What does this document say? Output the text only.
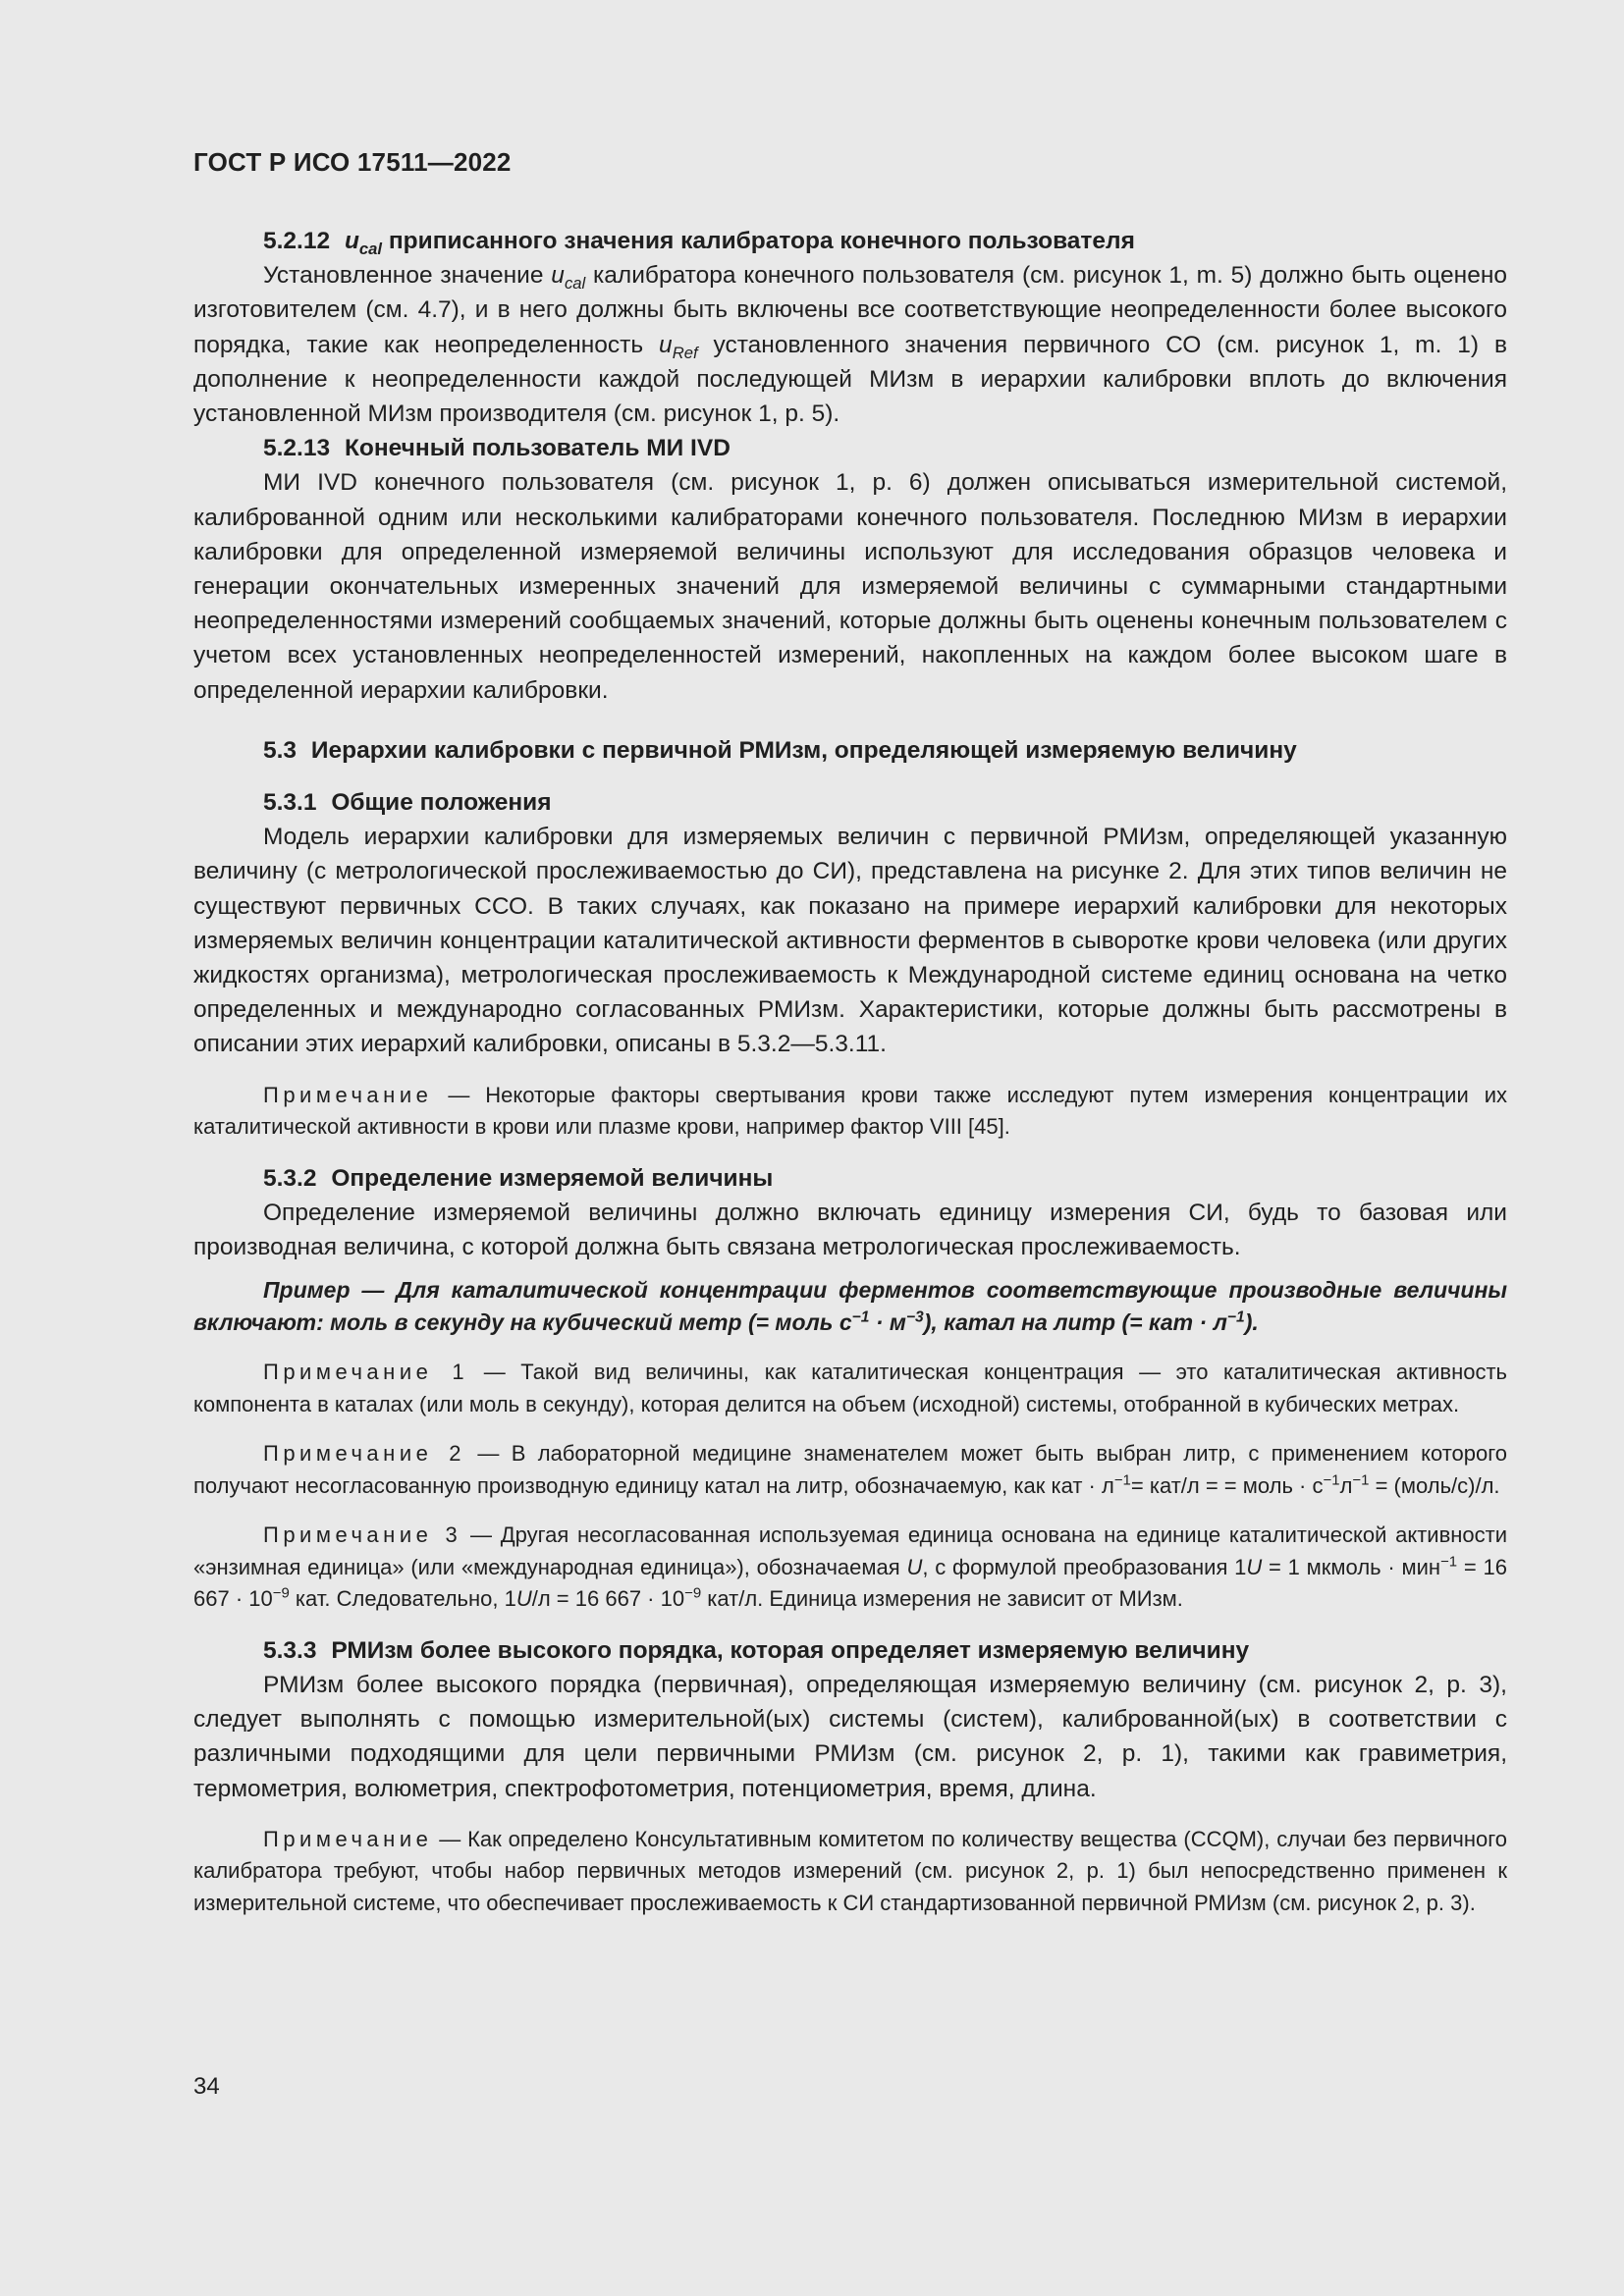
ГОСТ Р ИСО 17511—2022

5.2.12 $u_{cal}$ приписанного значения калибратора конечного пользователя

Установленное значение $u_{cal}$ калибратора конечного пользователя (см. рисунок 1, m. 5) должно быть оценено изготовителем (см. 4.7), и в него должны быть включены все соответствующие неопределенности более высокого порядка, такие как неопределенность $u_{Ref}$ установленного значения первичного СО (см. рисунок 1, m. 1) в дополнение к неопределенности каждой последующей МИзм в иерархии калибровки вплоть до включения установленной МИзм производителя (см. рисунок 1, р. 5).

5.2.13 Конечный пользователь МИ IVD

МИ IVD конечного пользователя (см. рисунок 1, р. 6) должен описываться измерительной системой, калиброванной одним или несколькими калибраторами конечного пользователя. Последнюю МИзм в иерархии калибровки для определенной измеряемой величины используют для исследования образцов человека и генерации окончательных измеренных значений для измеряемой величины с суммарными стандартными неопределенностями измерений сообщаемых значений, которые должны быть оценены конечным пользователем с учетом всех установленных неопределенностей измерений, накопленных на каждом более высоком шаге в определенной иерархии калибровки.

5.3 Иерархии калибровки с первичной РМИзм, определяющей измеряемую величину

5.3.1 Общие положения

Модель иерархии калибровки для измеряемых величин с первичной РМИзм, определяющей указанную величину (с метрологической прослеживаемостью до СИ), представлена на рисунке 2. Для этих типов величин не существуют первичных ССО. В таких случаях, как показано на примере иерархий калибровки для некоторых измеряемых величин концентрации каталитической активности ферментов в сыворотке крови человека (или других жидкостях организма), метрологическая прослеживаемость к Международной системе единиц основана на четко определенных и международно согласованных РМИзм. Характеристики, которые должны быть рассмотрены в описании этих иерархий калибровки, описаны в 5.3.2—5.3.11.

Примечание — Некоторые факторы свертывания крови также исследуют путем измерения концентрации их каталитической активности в крови или плазме крови, например фактор VIII [45].

5.3.2 Определение измеряемой величины

Определение измеряемой величины должно включать единицу измерения СИ, будь то базовая или производная величина, с которой должна быть связана метрологическая прослеживаемость.

Пример — Для каталитической концентрации ферментов соответствующие производные величины включают: моль в секунду на кубический метр (= моль $с^{-1} \cdot м^{-3}$), катал на литр (= кат · $л^{-1}$).

Примечание 1 — Такой вид величины, как каталитическая концентрация — это каталитическая активность компонента в каталах (или моль в секунду), которая делится на объем (исходной) системы, отобранной в кубических метрах.

Примечание 2 — В лабораторной медицине знаменателем может быть выбран литр, с применением которого получают несогласованную производную единицу катал на литр, обозначаемую, как кат · $л^{-1}= кат/л$ = = моль · $с^{-1}л^{-1}$ = (моль/с)/л.

Примечание 3 — Другая несогласованная используемая единица основана на единице каталитической активности «энзимная единица» (или «международная единица»), обозначаемая U, с формулой преобразования 1U = 1 мкмоль · мин$^{-1}$ = 16 $667 \cdot 10^{-9}$ кат. Следовательно, 1U/л = 16 $667 \cdot 10^{-9}$ кат/л. Единица измерения не зависит от МИзм.

5.3.3 РМИзм более высокого порядка, которая определяет измеряемую величину

РМИзм более высокого порядка (первичная), определяющая измеряемую величину (см. рисунок 2, р. 3), следует выполнять с помощью измерительной(ых) системы (систем), калиброванной(ых) в соответствии с различными подходящими для цели первичными РМИзм (см. рисунок 2, р. 1), такими как гравиметрия, термометрия, волюметрия, спектрофотометрия, потенциометрия, время, длина.

Примечание — Как определено Консультативным комитетом по количеству вещества (CCQM), случаи без первичного калибратора требуют, чтобы набор первичных методов измерений (см. рисунок 2, р. 1) был непосредственно применен к измерительной системе, что обеспечивает прослеживаемость к СИ стандартизованной первичной РМИзм (см. рисунок 2, р. 3).

34
